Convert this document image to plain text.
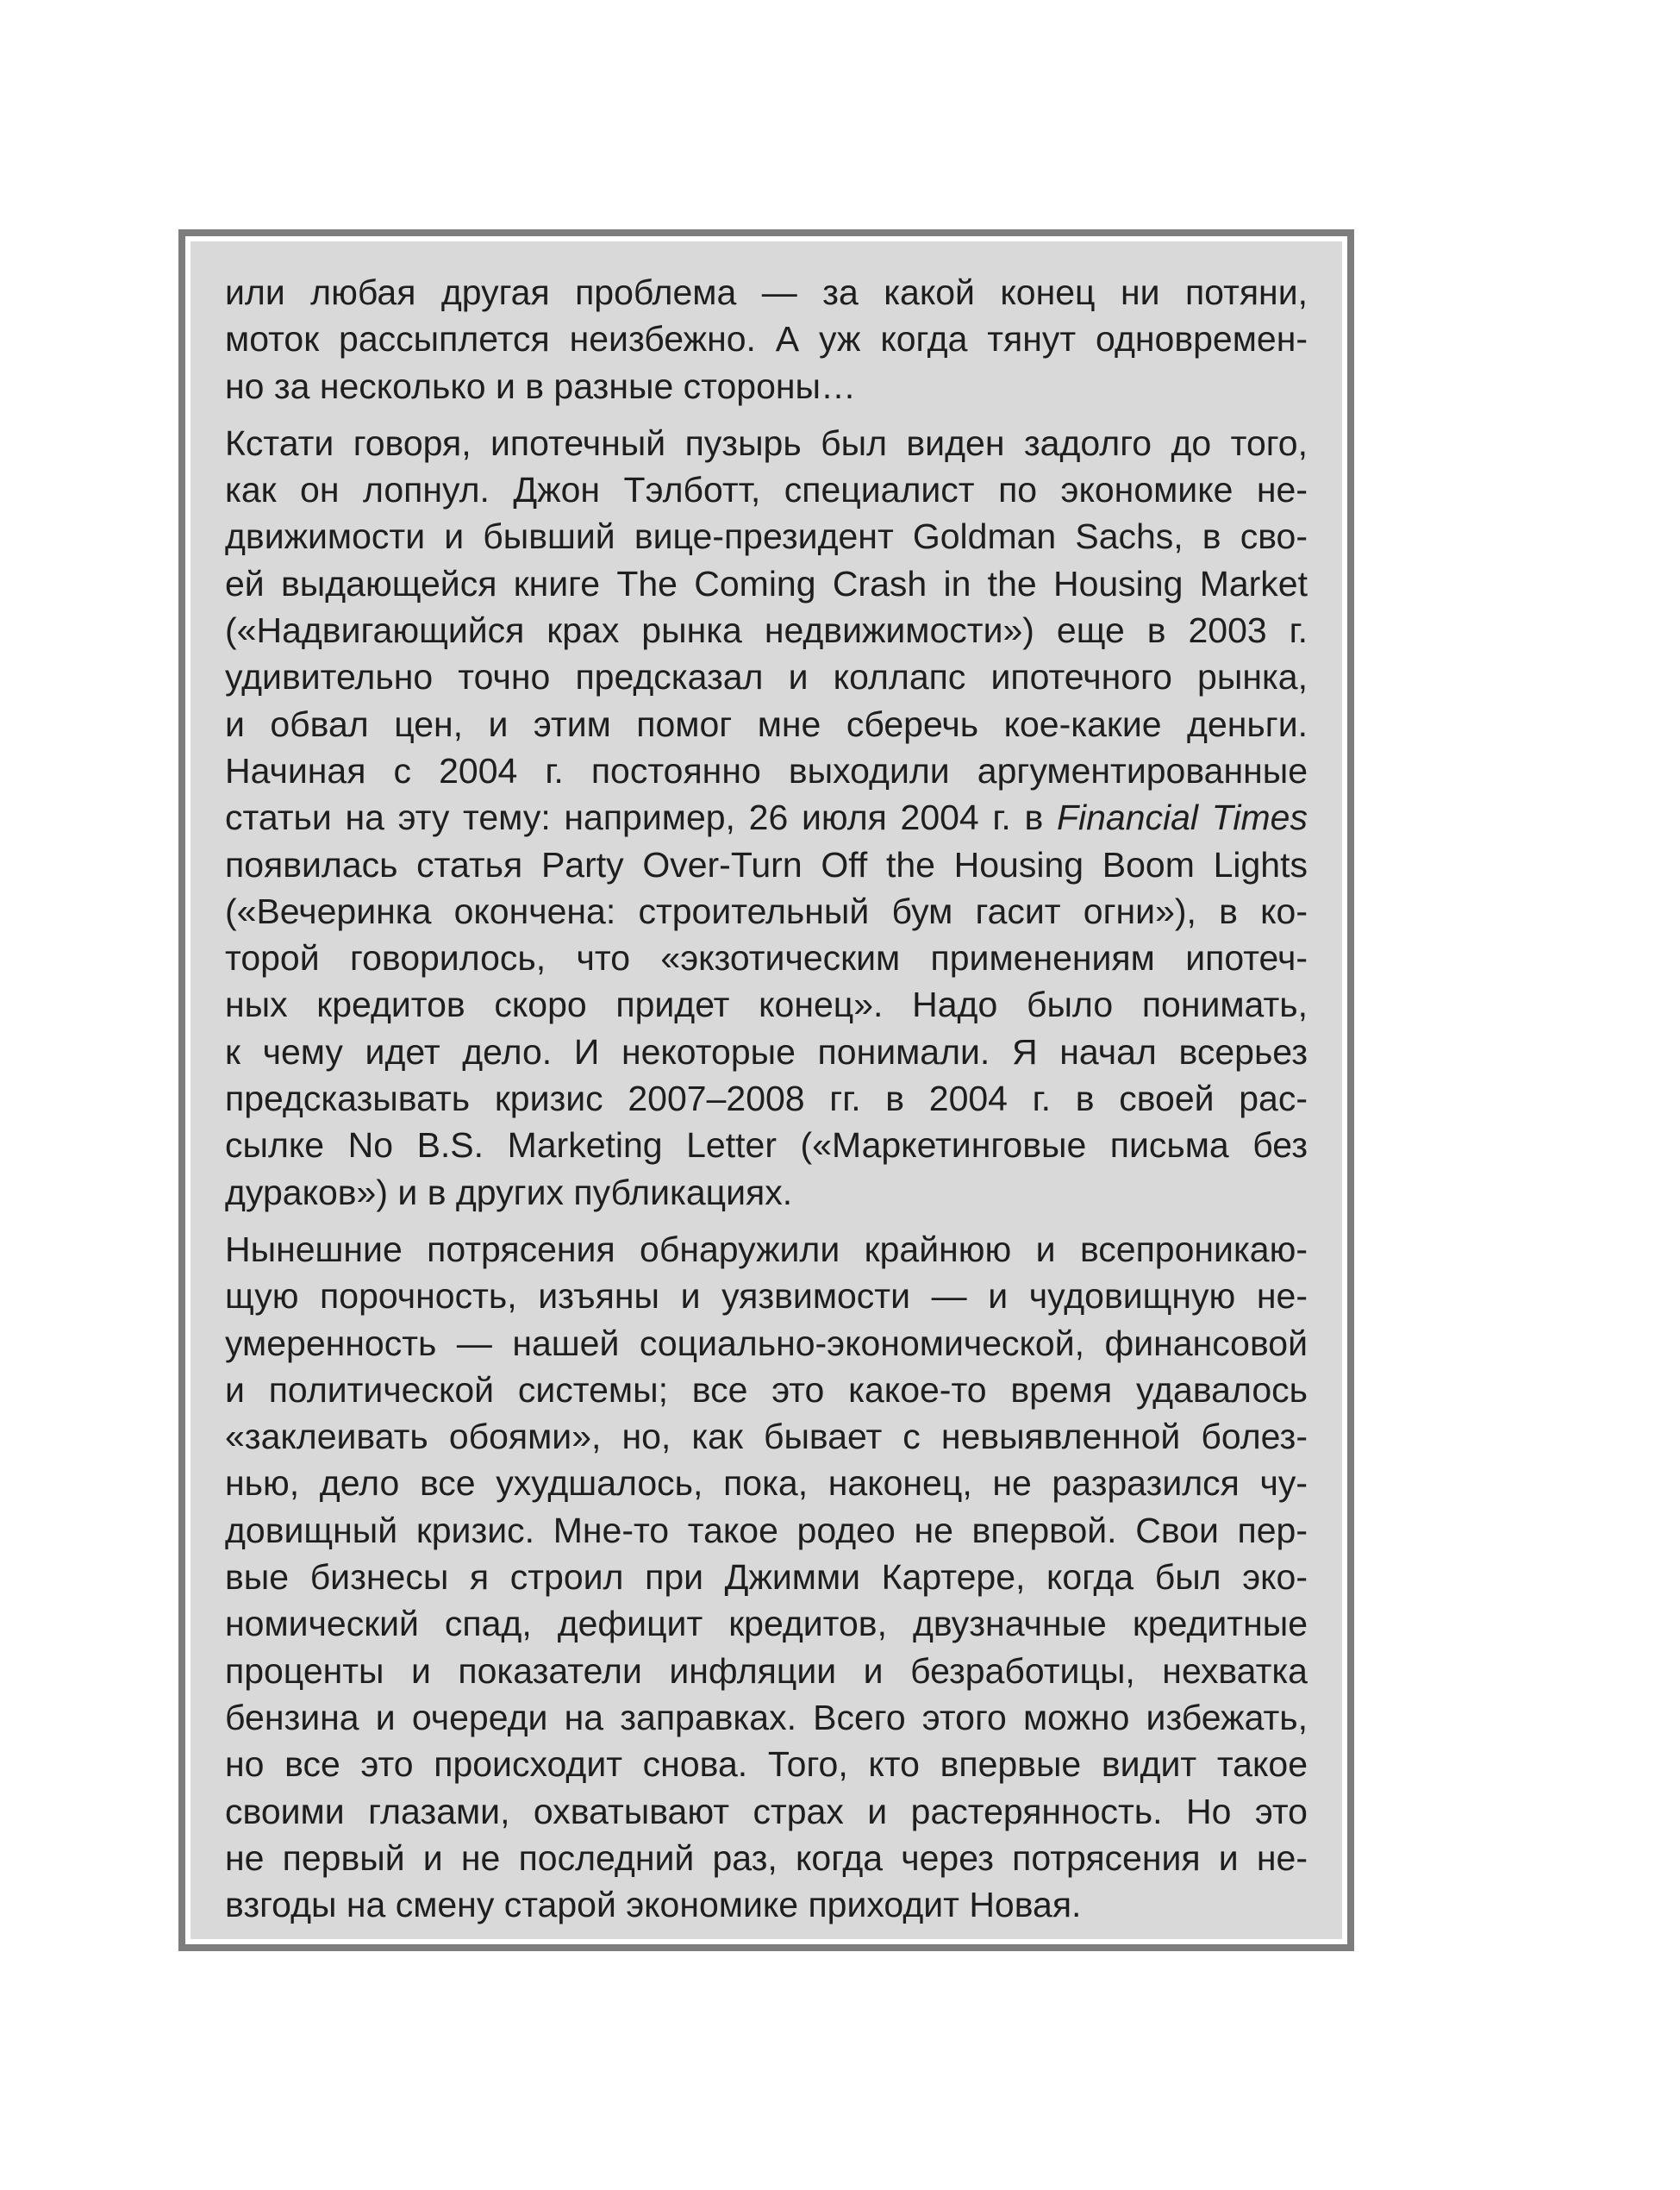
или любая другая проблема — за какой конец ни потяни,
моток рассыплется неизбежно. А уж когда тянут одновремен-
но за несколько и в разные стороны…

Кстати говоря, ипотечный пузырь был виден задолго до того,
как он лопнул. Джон Тэлботт, специалист по экономике не-
движимости и бывший вице-президент Goldman Sachs, в сво-
ей выдающейся книге The Coming Crash in the Housing Market
(«Надвигающийся крах рынка недвижимости») еще в 2003 г.
удивительно точно предсказал и коллапс ипотечного рынка,
и обвал цен, и этим помог мне сберечь кое-какие деньги.
Начиная с 2004 г. постоянно выходили аргументированные
статьи на эту тему: например, 26 июля 2004 г. в Financial Times
появилась статья Party Over-Turn Off the Housing Boom Lights
(«Вечеринка окончена: строительный бум гасит огни»), в ко-
торой говорилось, что «экзотическим применениям ипотеч-
ных кредитов скоро придет конец». Надо было понимать,
к чему идет дело. И некоторые понимали. Я начал всерьез
предсказывать кризис 2007–2008 гг. в 2004 г. в своей рас-
сылке No B.S. Marketing Letter («Маркетинговые письма без
дураков») и в других публикациях.

Нынешние потрясения обнаружили крайнюю и всепроникаю-
щую порочность, изъяны и уязвимости — и чудовищную не-
умеренность — нашей социально-экономической, финансовой
и политической системы; все это какое-то время удавалось
«заклеивать обоями», но, как бывает с невыявленной болез-
нью, дело все ухудшалось, пока, наконец, не разразился чу-
довищный кризис. Мне-то такое родео не впервой. Свои пер-
вые бизнесы я строил при Джимми Картере, когда был эко-
номический спад, дефицит кредитов, двузначные кредитные
проценты и показатели инфляции и безработицы, нехватка
бензина и очереди на заправках. Всего этого можно избежать,
но все это происходит снова. Того, кто впервые видит такое
своими глазами, охватывают страх и растерянность. Но это
не первый и не последний раз, когда через потрясения и не-
взгоды на смену старой экономике приходит Новая.
